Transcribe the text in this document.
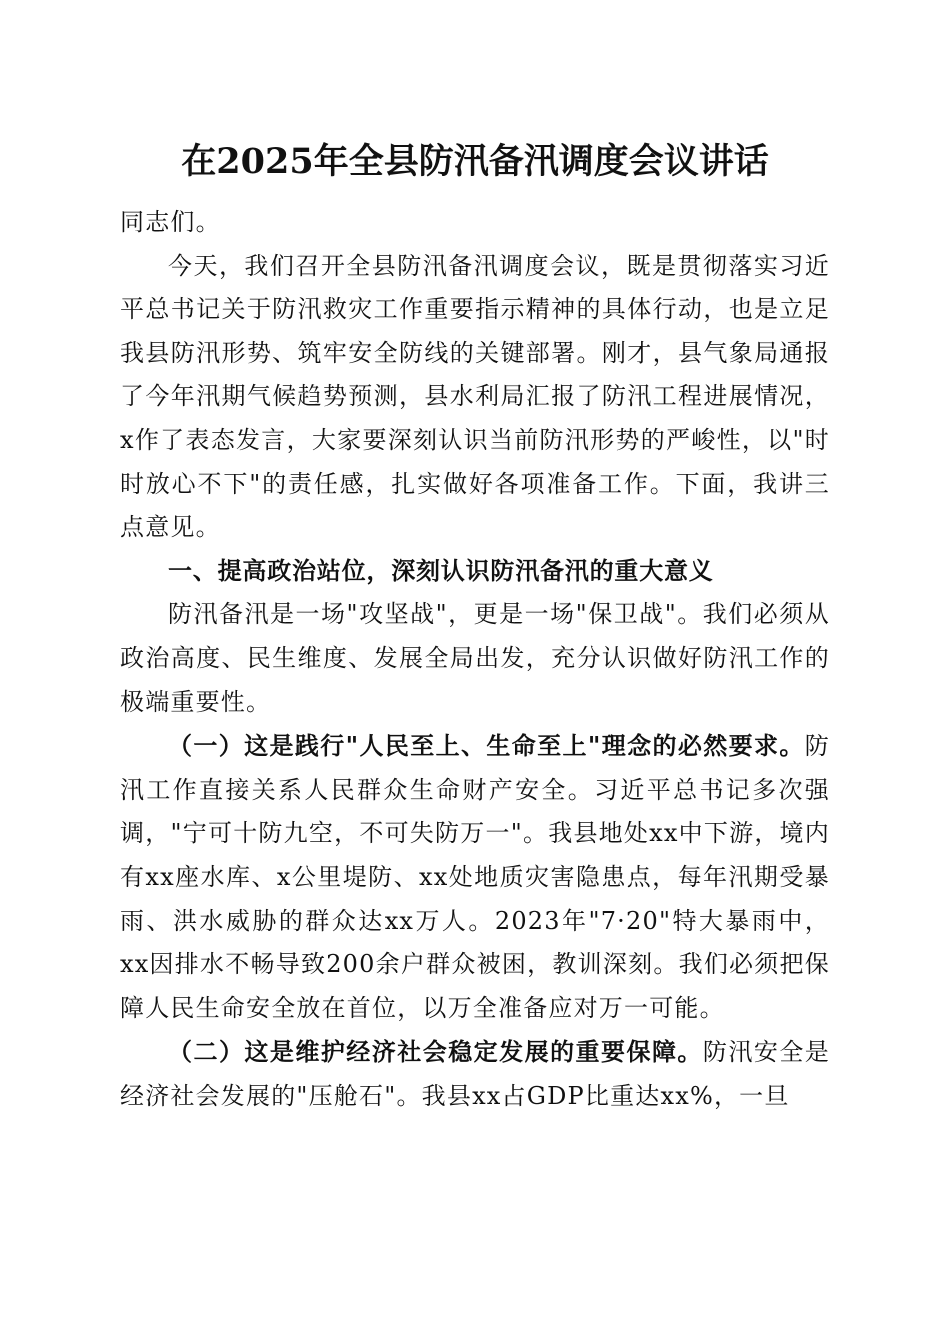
在2025年全县防汛备汛调度会议讲话

同志们。

今天，我们召开全县防汛备汛调度会议，既是贯彻落实习近平总书记关于防汛救灾工作重要指示精神的具体行动，也是立足我县防汛形势、筑牢安全防线的关键部署。刚才，县气象局通报了今年汛期气候趋势预测，县水利局汇报了防汛工程进展情况，x作了表态发言，大家要深刻认识当前防汛形势的严峻性，以"时时放心不下"的责任感，扎实做好各项准备工作。下面，我讲三点意见。

一、提高政治站位，深刻认识防汛备汛的重大意义

防汛备汛是一场"攻坚战"，更是一场"保卫战"。我们必须从政治高度、民生维度、发展全局出发，充分认识做好防汛工作的极端重要性。

（一）这是践行"人民至上、生命至上"理念的必然要求。防汛工作直接关系人民群众生命财产安全。习近平总书记多次强调，"宁可十防九空，不可失防万一"。我县地处xx中下游，境内有xx座水库、x公里堤防、xx处地质灾害隐患点，每年汛期受暴雨、洪水威胁的群众达xx万人。2023年"7·20"特大暴雨中，xx因排水不畅导致200余户群众被困，教训深刻。我们必须把保障人民生命安全放在首位，以万全准备应对万一可能。

（二）这是维护经济社会稳定发展的重要保障。防汛安全是经济社会发展的"压舱石"。我县xx占GDP比重达xx%，一旦
